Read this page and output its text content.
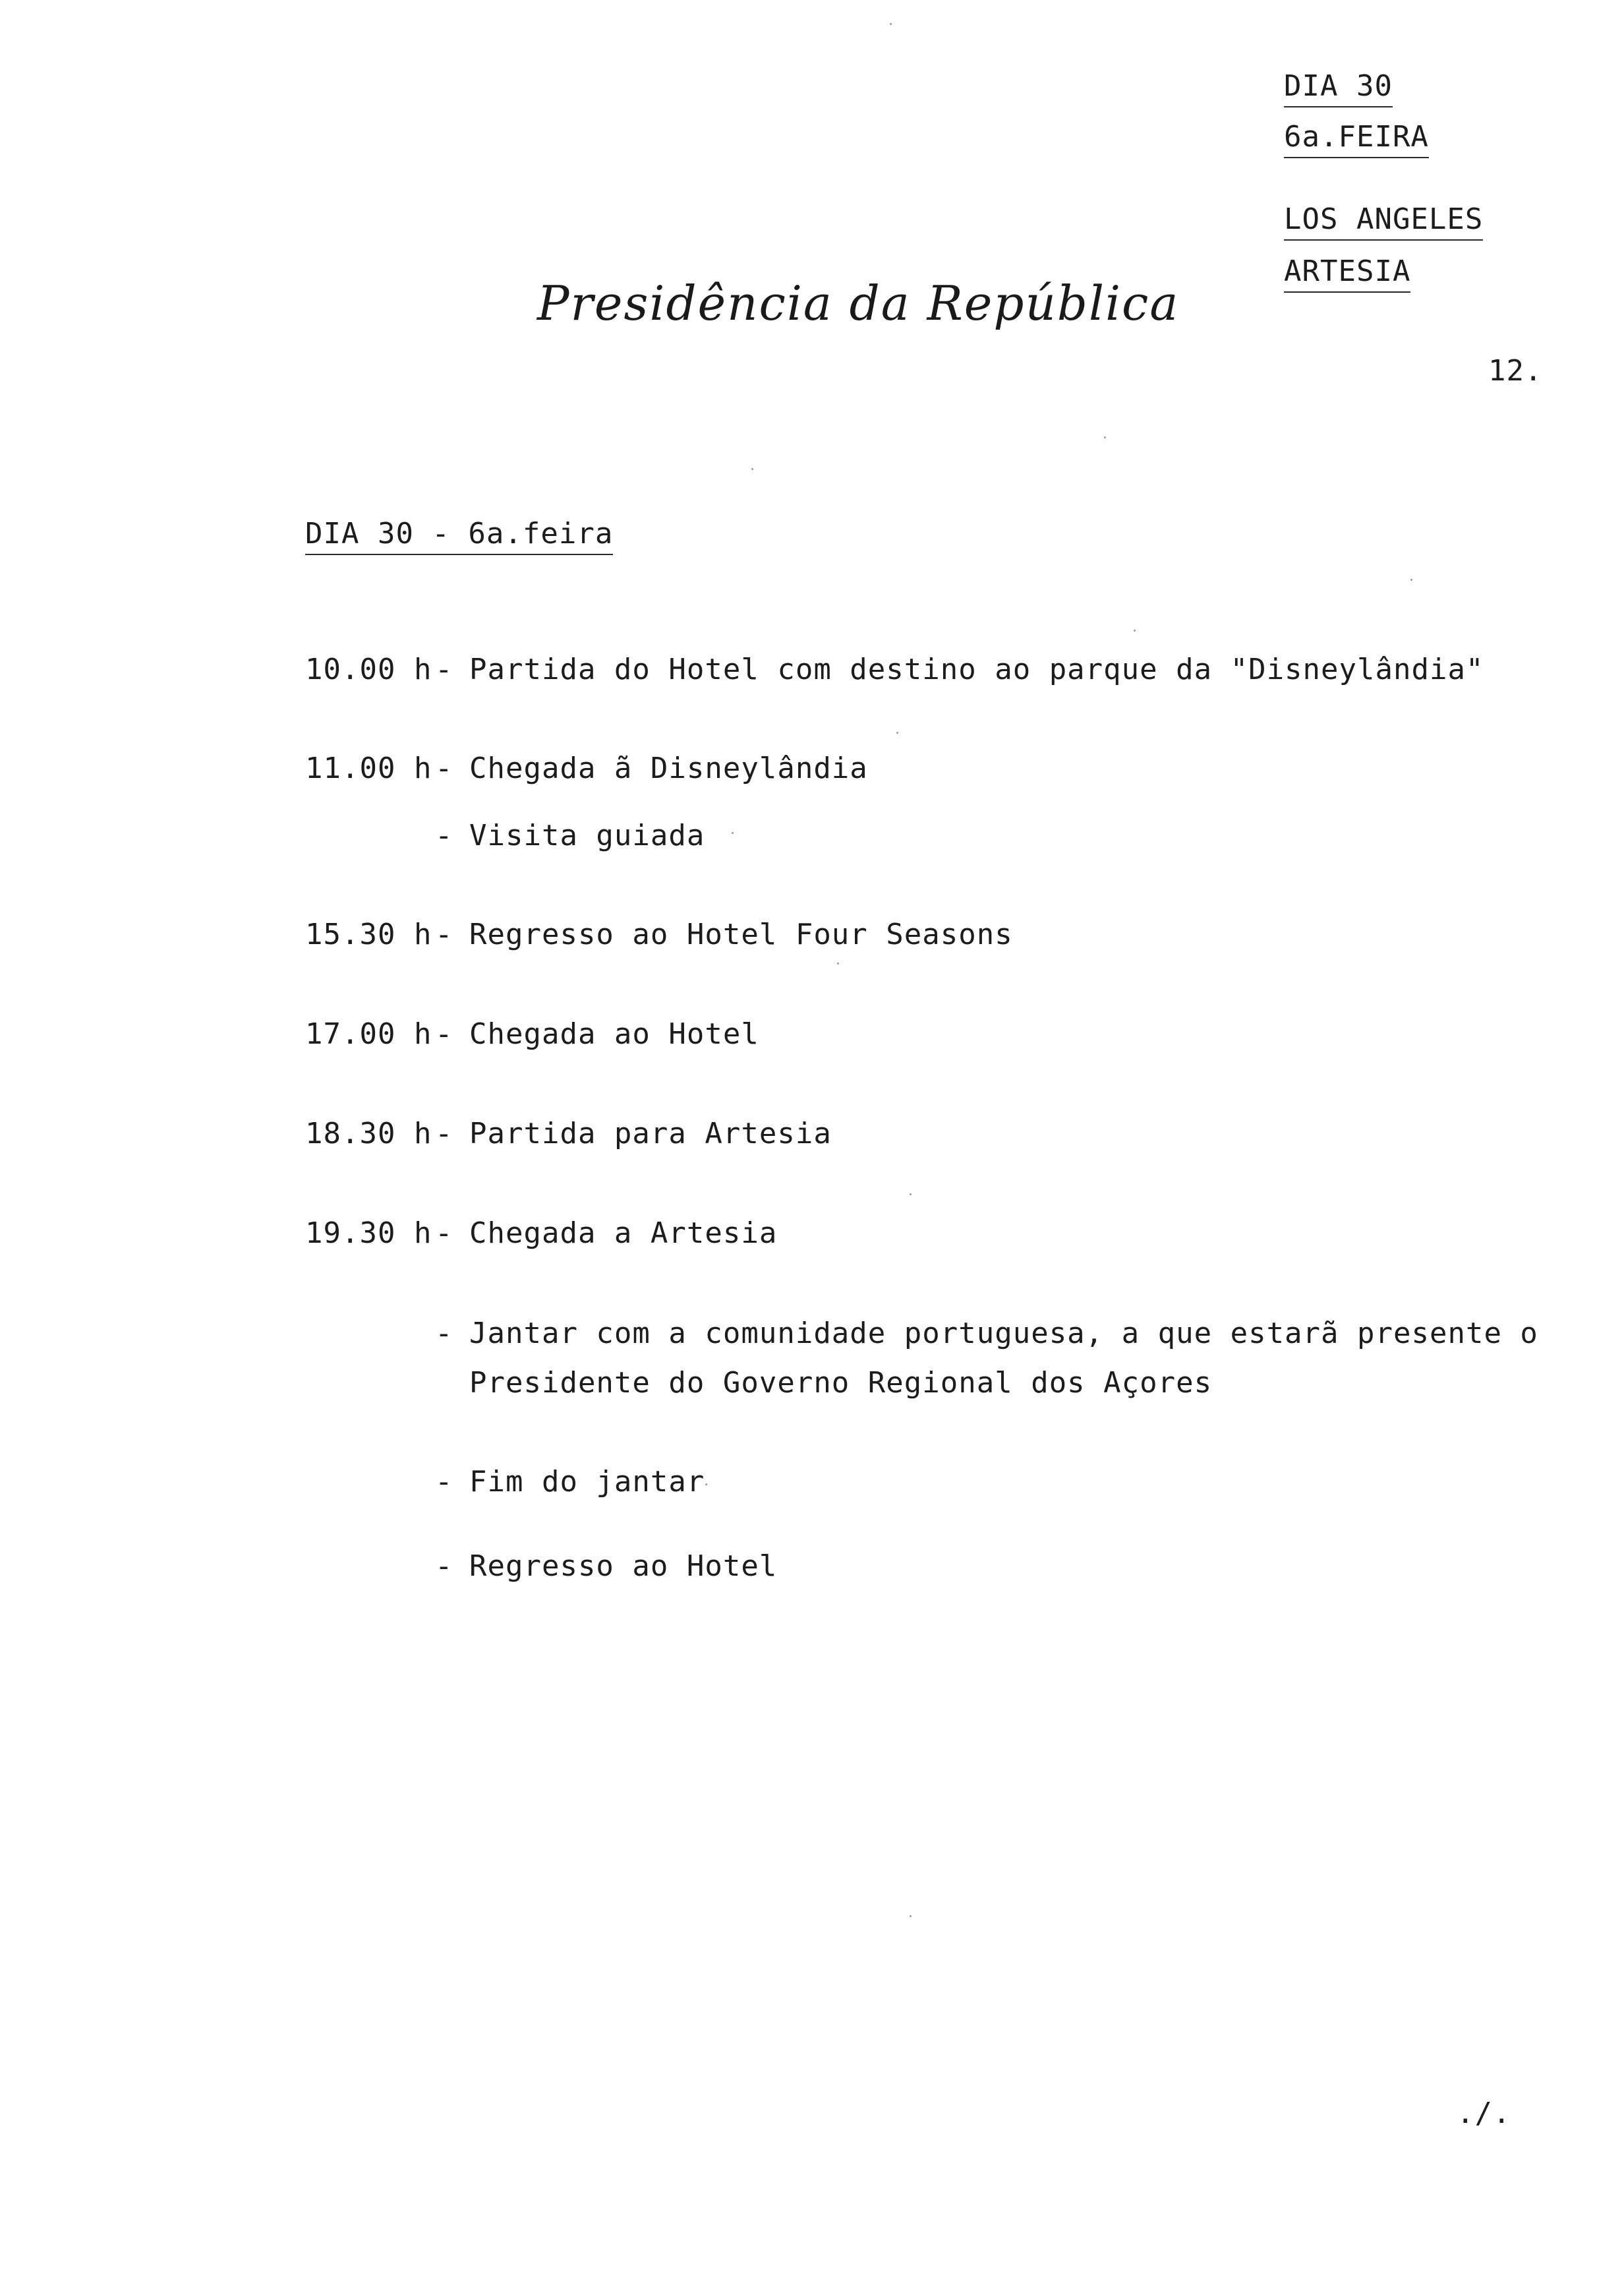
DIA 30
6a.FEIRA
LOS ANGELES
ARTESIA
Presidência da República
12.
DIA 30 - 6a.feira
10.00 h - Partida do Hotel com destino ao parque da "Disneylândia"
11.00 h - Chegada ã Disneylândia
- Visita guiada
15.30 h - Regresso ao Hotel Four Seasons
17.00 h - Chegada ao Hotel
18.30 h - Partida para Artesia
19.30 h - Chegada a Artesia
- Jantar com a comunidade portuguesa, a que estarã presente o
Presidente do Governo Regional dos Açores
- Fim do jantar
- Regresso ao Hotel
./.
